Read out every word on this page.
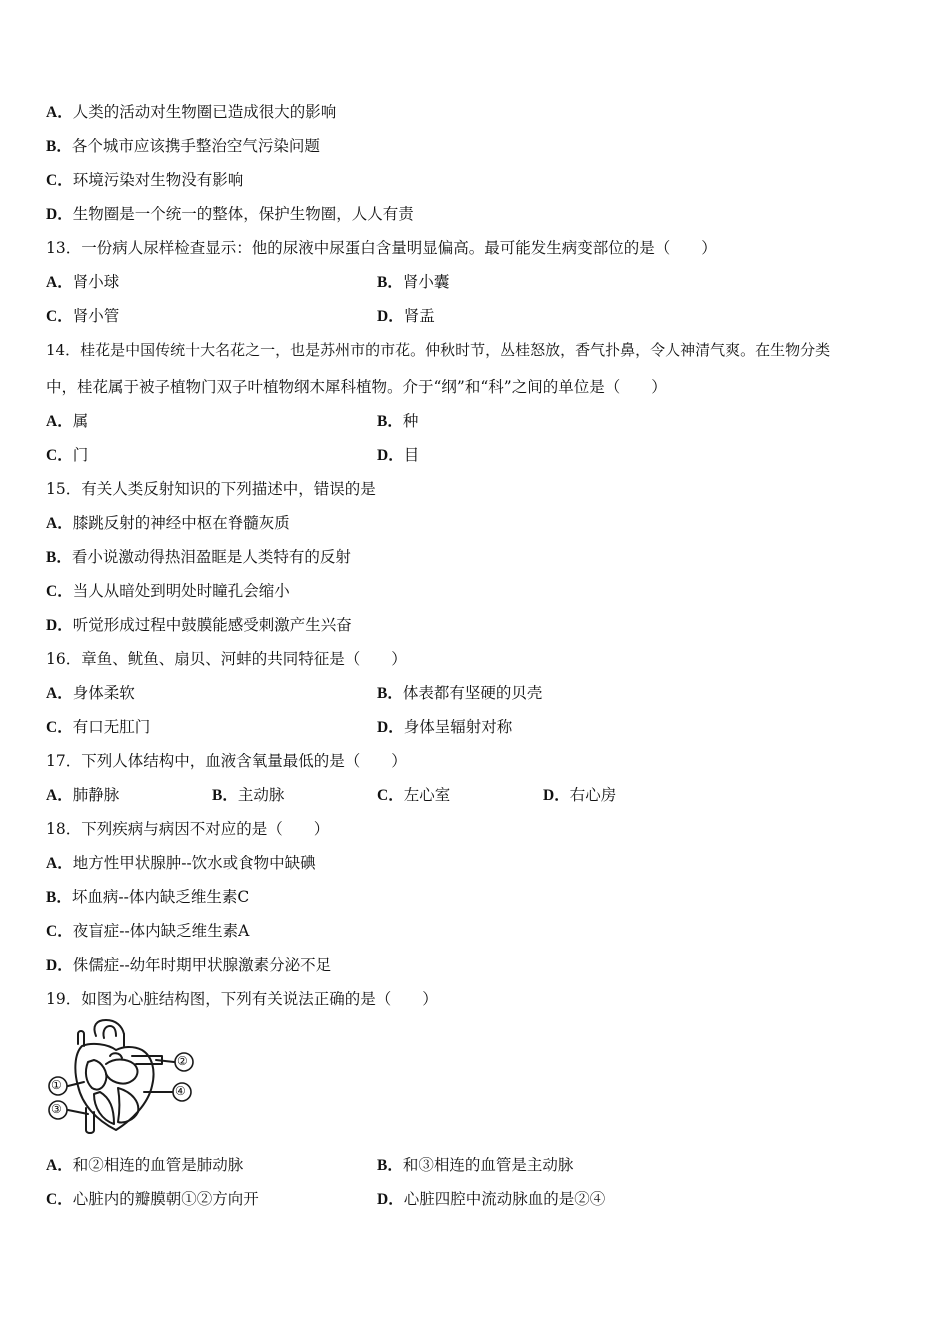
A．人类的活动对生物圈已造成很大的影响
B．各个城市应该携手整治空气污染问题
C．环境污染对生物没有影响
D．生物圈是一个统一的整体，保护生物圈，人人有责
13．一份病人尿样检查显示：他的尿液中尿蛋白含量明显偏高。最可能发生病变部位的是（　　）
A．肾小球	B．肾小囊
C．肾小管	D．肾盂
14．桂花是中国传统十大名花之一，也是苏州市的市花。仲秋时节，丛桂怒放，香气扑鼻，令人神清气爽。在生物分类
中，桂花属于被子植物门双子叶植物纲木犀科植物。介于“纲”和“科”之间的单位是（　　）
A．属	B．种
C．门	D．目
15．有关人类反射知识的下列描述中，错误的是
A．膝跳反射的神经中枢在脊髓灰质
B．看小说激动得热泪盈眶是人类特有的反射
C．当人从暗处到明处时瞳孔会缩小
D．听觉形成过程中鼓膜能感受刺激产生兴奋
16．章鱼、鱿鱼、扇贝、河蚌的共同特征是（　　）
A．身体柔软	B．体表都有坚硬的贝壳
C．有口无肛门	D．身体呈辐射对称
17．下列人体结构中，血液含氧量最低的是（　　）
A．肺静脉	B．主动脉	C．左心室	D．右心房
18．下列疾病与病因不对应的是（　　）
A．地方性甲状腺肿--饮水或食物中缺碘
B．坏血病--体内缺乏维生素C
C．夜盲症--体内缺乏维生素A
D．侏儒症--幼年时期甲状腺激素分泌不足
19．如图为心脏结构图，下列有关说法正确的是（　　）
①
②
③
④
A．和②相连的血管是肺动脉	B．和③相连的血管是主动脉
C．心脏内的瓣膜朝①②方向开	D．心脏四腔中流动脉血的是②④
